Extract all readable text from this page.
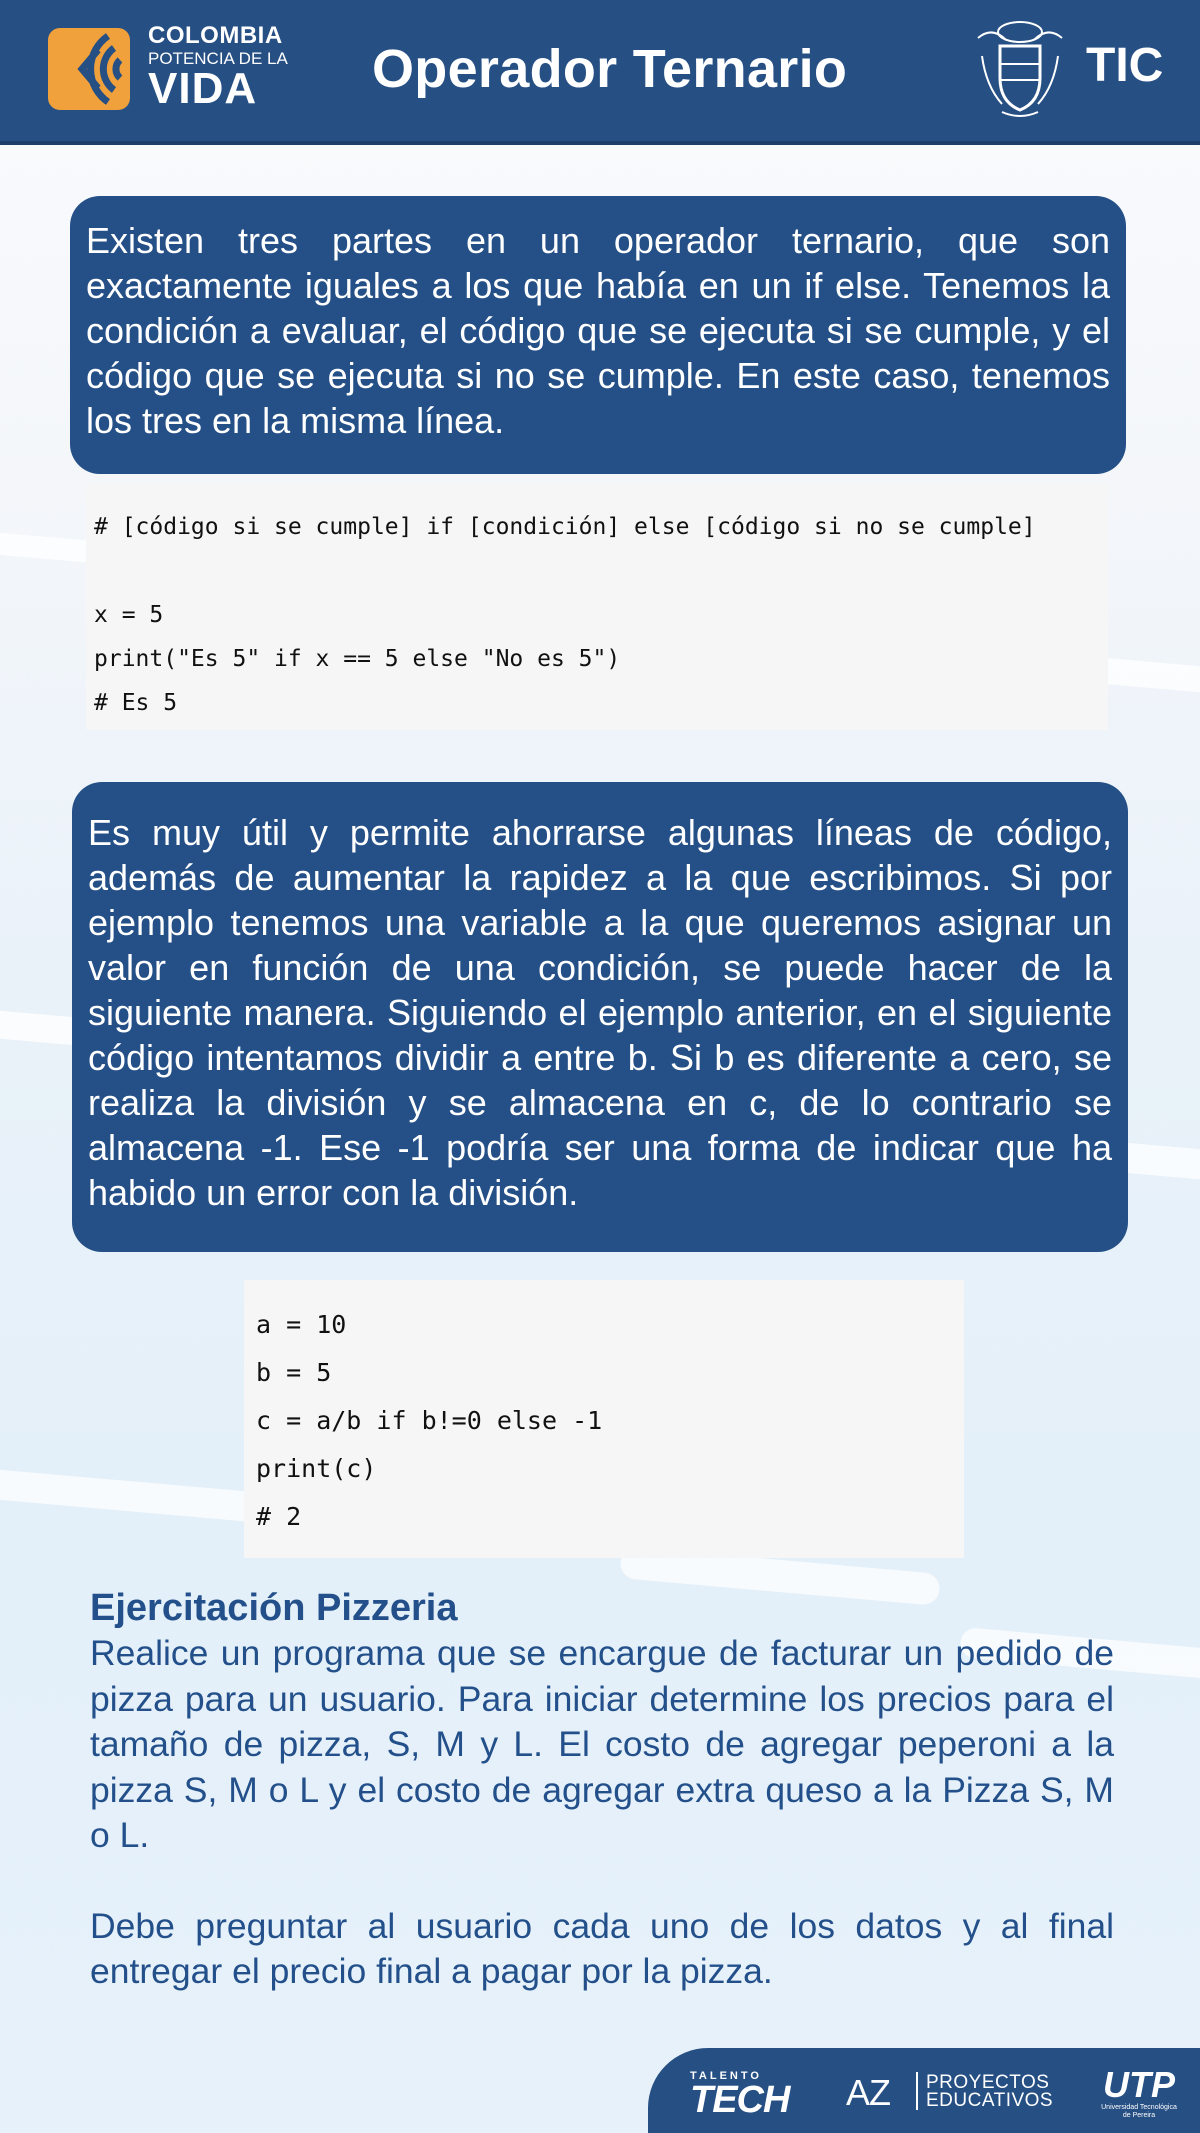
COLOMBIA
POTENCIA DE LA
VIDA	Operador Ternario	TIC
Existen tres partes en un operador ternario, que son exactamente iguales a los que había en un if else. Tenemos la condición a evaluar, el código que se ejecuta si se cumple, y el código que se ejecuta si no se cumple. En este caso, tenemos los tres en la misma línea.
# [código si se cumple] if [condición] else [código si no se cumple]
x = 5
print("Es 5" if x == 5 else "No es 5")
# Es 5
Es muy útil y permite ahorrarse algunas líneas de código, además de aumentar la rapidez a la que escribimos. Si por ejemplo tenemos una variable a la que queremos asignar un valor en función de una condición, se puede hacer de la siguiente manera. Siguiendo el ejemplo anterior, en el siguiente código intentamos dividir a entre b. Si b es diferente a cero, se realiza la división y se almacena en c, de lo contrario se almacena -1. Ese -1 podría ser una forma de indicar que ha habido un error con la división.
a = 10
b = 5
c = a/b if b!=0 else -1
print(c)
# 2
Ejercitación Pizzeria
Realice un programa que se encargue de facturar un pedido de pizza para un usuario. Para iniciar determine los precios para el tamaño de pizza, S, M y L. El costo de agregar peperoni a la pizza S, M o L y el costo de agregar extra queso a la Pizza S, M o L.
Debe preguntar al usuario cada uno de los datos y al final entregar el precio final a pagar por la pizza.
TALENTO
TECH AZ PROYECTOS
EDUCATIVOS UTP
Universidad Tecnológica
de Pereira
